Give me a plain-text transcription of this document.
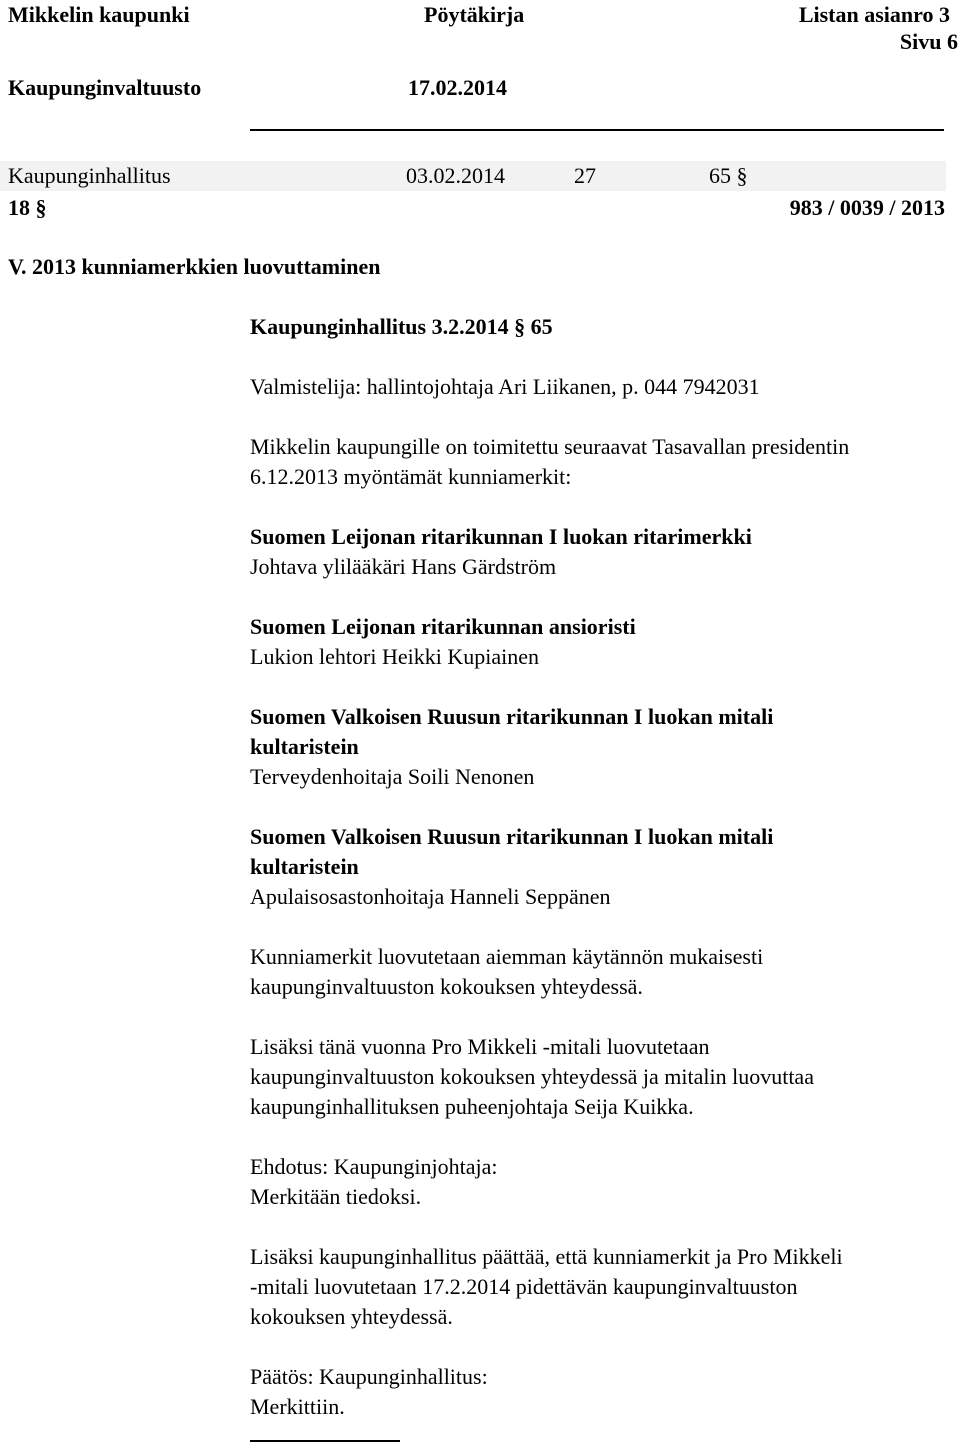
Mikkelin kaupunki	Pöytäkirja	Listan asianro 3
Sivu 6
Kaupunginvaltuusto	17.02.2014
Kaupunginhallitus	03.02.2014	27	65 §
18 §	983 / 0039 / 2013
V. 2013 kunniamerkkien luovuttaminen
Kaupunginhallitus 3.2.2014 § 65
Valmistelija: hallintojohtaja Ari Liikanen, p. 044 7942031
Mikkelin kaupungille on toimitettu seuraavat Tasavallan presidentin
6.12.2013 myöntämät kunniamerkit:
Suomen Leijonan ritarikunnan I luokan ritarimerkki
Johtava ylilääkäri Hans Gärdström
Suomen Leijonan ritarikunnan ansioristi
Lukion lehtori Heikki Kupiainen
Suomen Valkoisen Ruusun ritarikunnan I luokan mitali
kultaristein
Terveydenhoitaja Soili Nenonen
Suomen Valkoisen Ruusun ritarikunnan I luokan mitali
kultaristein
Apulaisosastonhoitaja Hanneli Seppänen
Kunniamerkit luovutetaan aiemman käytännön mukaisesti
kaupunginvaltuuston kokouksen yhteydessä.
Lisäksi tänä vuonna Pro Mikkeli -mitali luovutetaan
kaupunginvaltuuston kokouksen yhteydessä ja mitalin luovuttaa
kaupunginhallituksen puheenjohtaja Seija Kuikka.
Ehdotus: Kaupunginjohtaja:
Merkitään tiedoksi.
Lisäksi kaupunginhallitus päättää, että kunniamerkit ja Pro Mikkeli
-mitali luovutetaan 17.2.2014 pidettävän kaupunginvaltuuston
kokouksen yhteydessä.
Päätös: Kaupunginhallitus:
Merkittiin.
